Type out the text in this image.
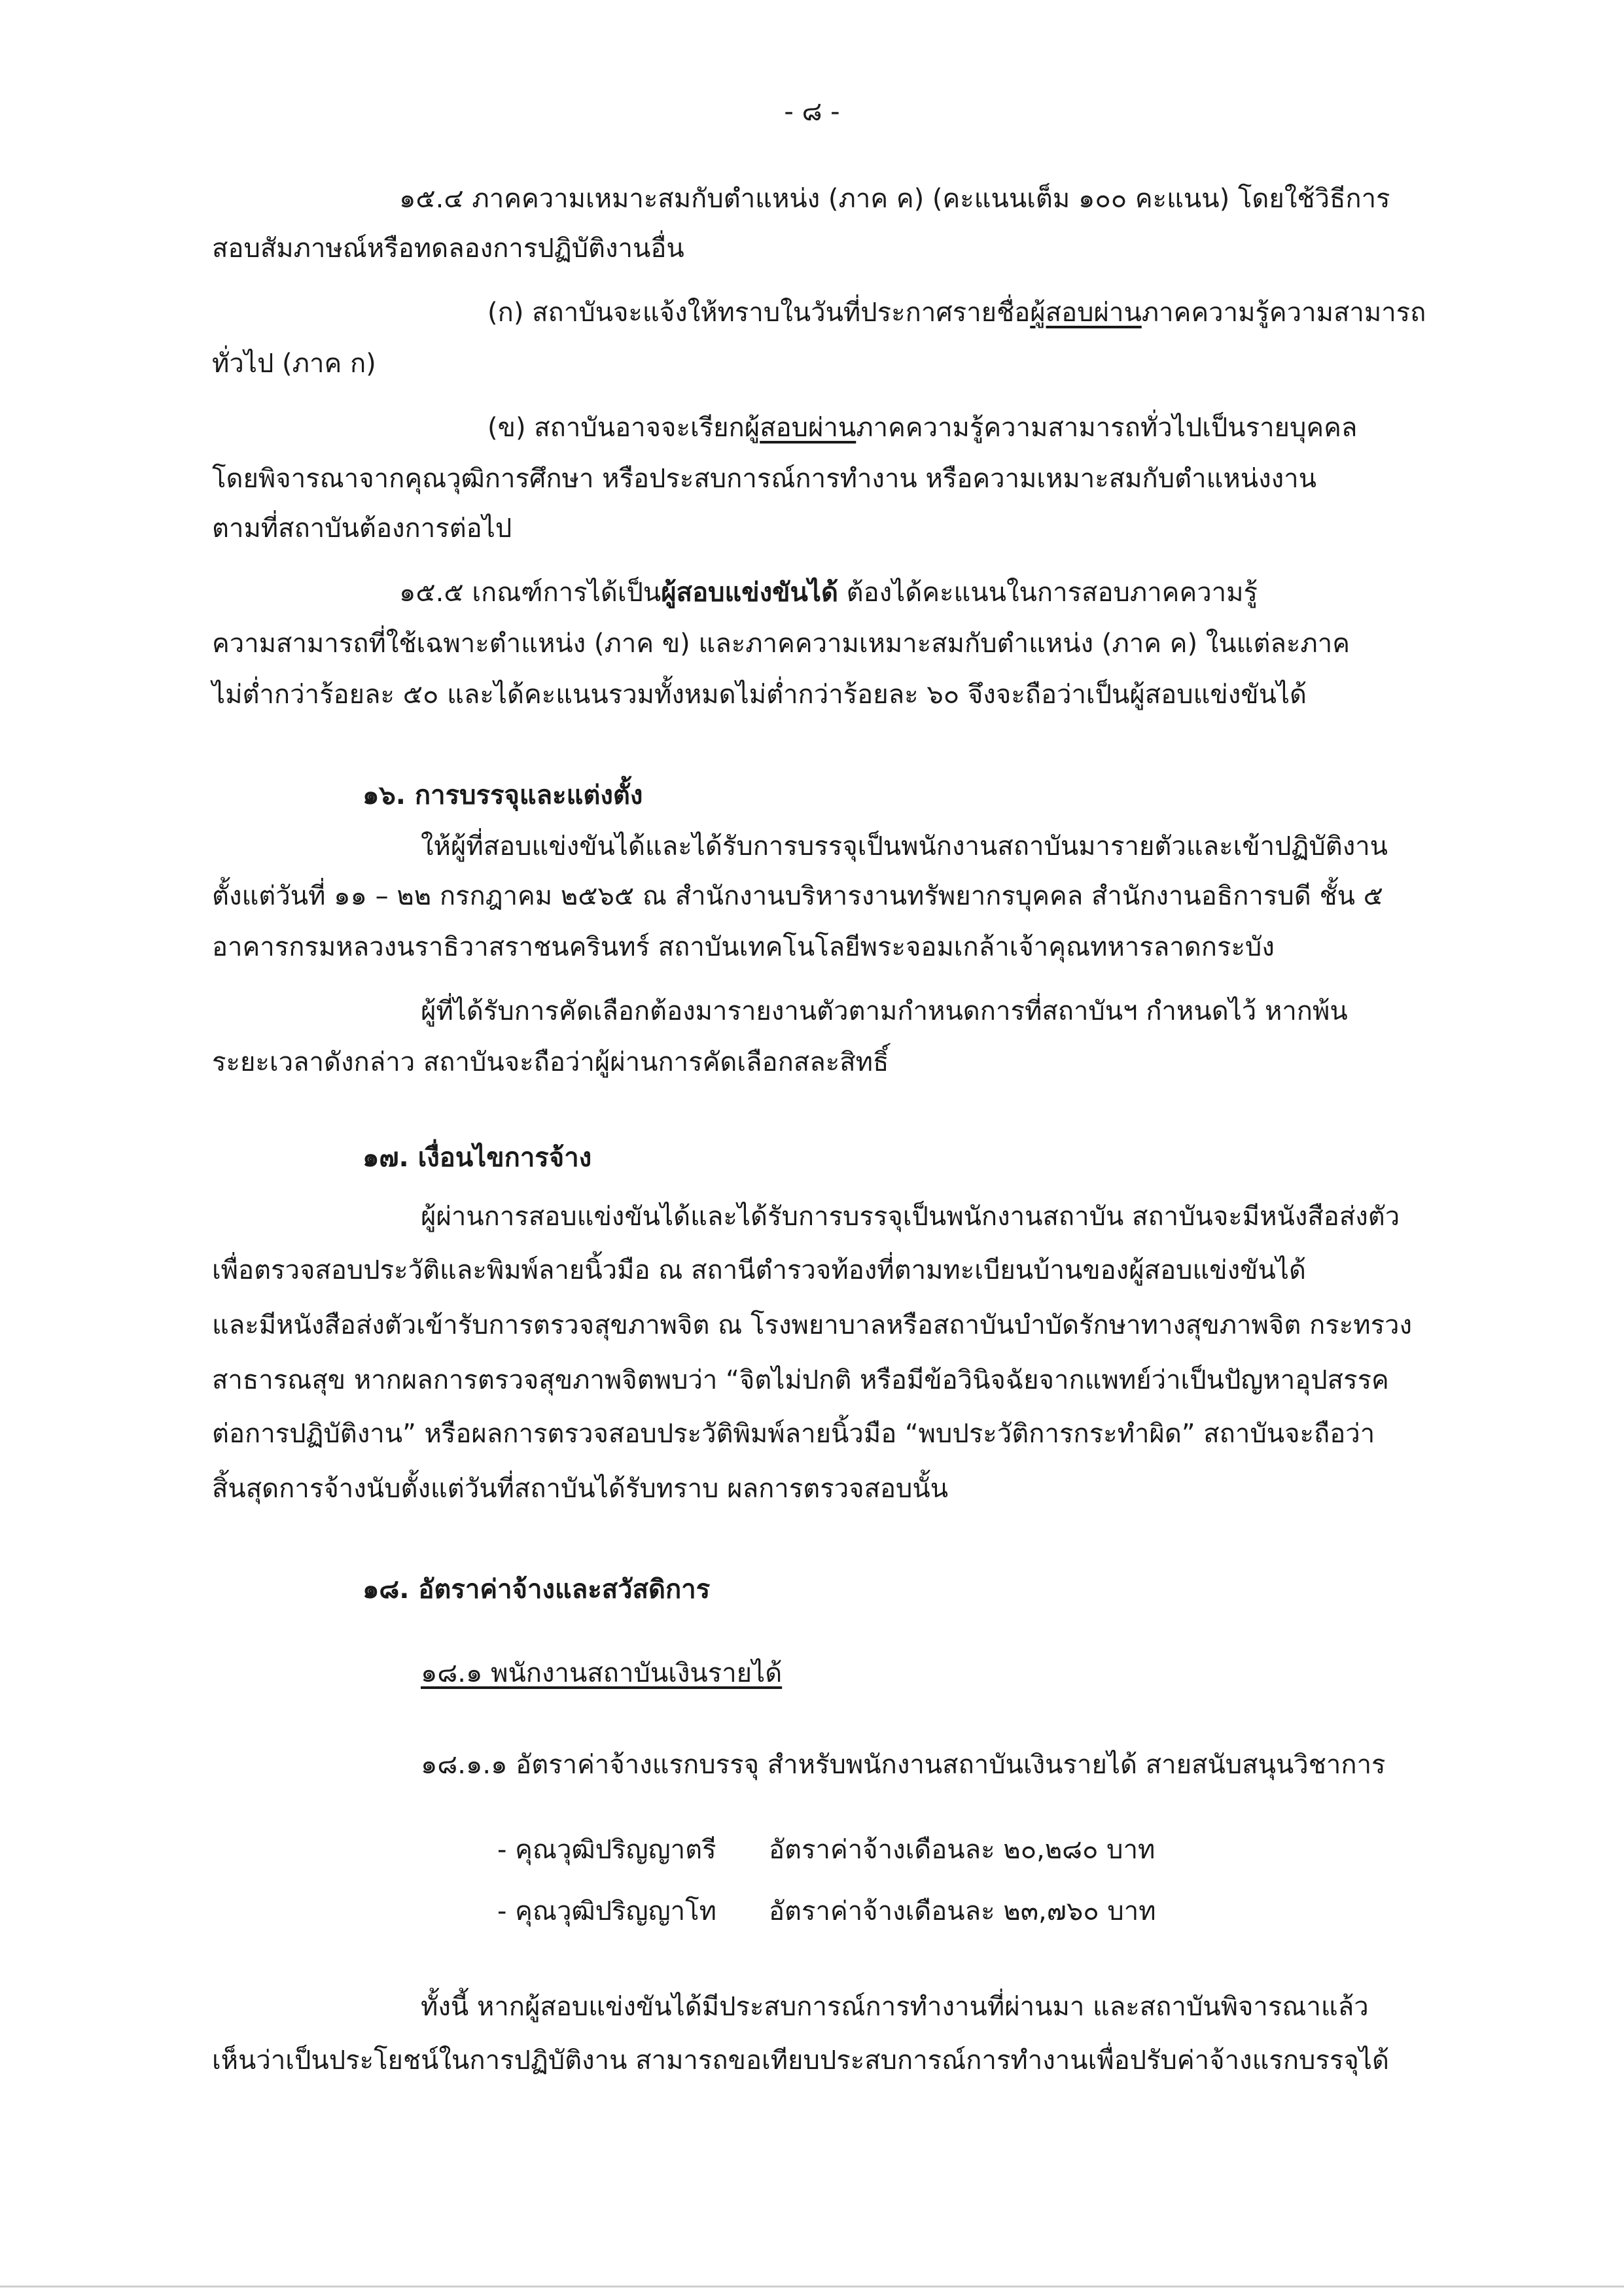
- ๘ -
๑๕.๔ ภาคความเหมาะสมกับตำแหน่ง (ภาค ค) (คะแนนเต็ม ๑๐๐ คะแนน) โดยใช้วิธีการ
สอบสัมภาษณ์หรือทดลองการปฏิบัติงานอื่น
(ก) สถาบันจะแจ้งให้ทราบในวันที่ประกาศรายชื่อผู้สอบผ่านภาคความรู้ความสามารถ
ทั่วไป (ภาค ก)
(ข) สถาบันอาจจะเรียกผู้สอบผ่านภาคความรู้ความสามารถทั่วไปเป็นรายบุคคล
โดยพิจารณาจากคุณวุฒิการศึกษา หรือประสบการณ์การทำงาน หรือความเหมาะสมกับตำแหน่งงาน
ตามที่สถาบันต้องการต่อไป
๑๕.๕ เกณฑ์การได้เป็นผู้สอบแข่งขันได้ ต้องได้คะแนนในการสอบภาคความรู้
ความสามารถที่ใช้เฉพาะตำแหน่ง (ภาค ข) และภาคความเหมาะสมกับตำแหน่ง (ภาค ค) ในแต่ละภาค
ไม่ต่ำกว่าร้อยละ ๕๐ และได้คะแนนรวมทั้งหมดไม่ต่ำกว่าร้อยละ ๖๐ จึงจะถือว่าเป็นผู้สอบแข่งขันได้
๑๖. การบรรจุและแต่งตั้ง
ให้ผู้ที่สอบแข่งขันได้และได้รับการบรรจุเป็นพนักงานสถาบันมารายตัวและเข้าปฏิบัติงาน
ตั้งแต่วันที่ ๑๑ – ๒๒ กรกฎาคม ๒๕๖๕ ณ สำนักงานบริหารงานทรัพยากรบุคคล สำนักงานอธิการบดี ชั้น ๕
อาคารกรมหลวงนราธิวาสราชนครินทร์ สถาบันเทคโนโลยีพระจอมเกล้าเจ้าคุณทหารลาดกระบัง
ผู้ที่ได้รับการคัดเลือกต้องมารายงานตัวตามกำหนดการที่สถาบันฯ กำหนดไว้ หากพ้น
ระยะเวลาดังกล่าว สถาบันจะถือว่าผู้ผ่านการคัดเลือกสละสิทธิ์
๑๗. เงื่อนไขการจ้าง
ผู้ผ่านการสอบแข่งขันได้และได้รับการบรรจุเป็นพนักงานสถาบัน สถาบันจะมีหนังสือส่งตัว
เพื่อตรวจสอบประวัติและพิมพ์ลายนิ้วมือ ณ สถานีตำรวจท้องที่ตามทะเบียนบ้านของผู้สอบแข่งขันได้
และมีหนังสือส่งตัวเข้ารับการตรวจสุขภาพจิต ณ โรงพยาบาลหรือสถาบันบำบัดรักษาทางสุขภาพจิต กระทรวง
สาธารณสุข หากผลการตรวจสุขภาพจิตพบว่า “จิตไม่ปกติ หรือมีข้อวินิจฉัยจากแพทย์ว่าเป็นปัญหาอุปสรรค
ต่อการปฏิบัติงาน” หรือผลการตรวจสอบประวัติพิมพ์ลายนิ้วมือ “พบประวัติการกระทำผิด” สถาบันจะถือว่า
สิ้นสุดการจ้างนับตั้งแต่วันที่สถาบันได้รับทราบ ผลการตรวจสอบนั้น
๑๘. อัตราค่าจ้างและสวัสดิการ
๑๘.๑ พนักงานสถาบันเงินรายได้
๑๘.๑.๑ อัตราค่าจ้างแรกบรรจุ สำหรับพนักงานสถาบันเงินรายได้ สายสนับสนุนวิชาการ
- คุณวุฒิปริญญาตรี อัตราค่าจ้างเดือนละ ๒๐,๒๘๐ บาท
- คุณวุฒิปริญญาโท อัตราค่าจ้างเดือนละ ๒๓,๗๖๐ บาท
ทั้งนี้ หากผู้สอบแข่งขันได้มีประสบการณ์การทำงานที่ผ่านมา และสถาบันพิจารณาแล้ว
เห็นว่าเป็นประโยชน์ในการปฏิบัติงาน สามารถขอเทียบประสบการณ์การทำงานเพื่อปรับค่าจ้างแรกบรรจุได้
